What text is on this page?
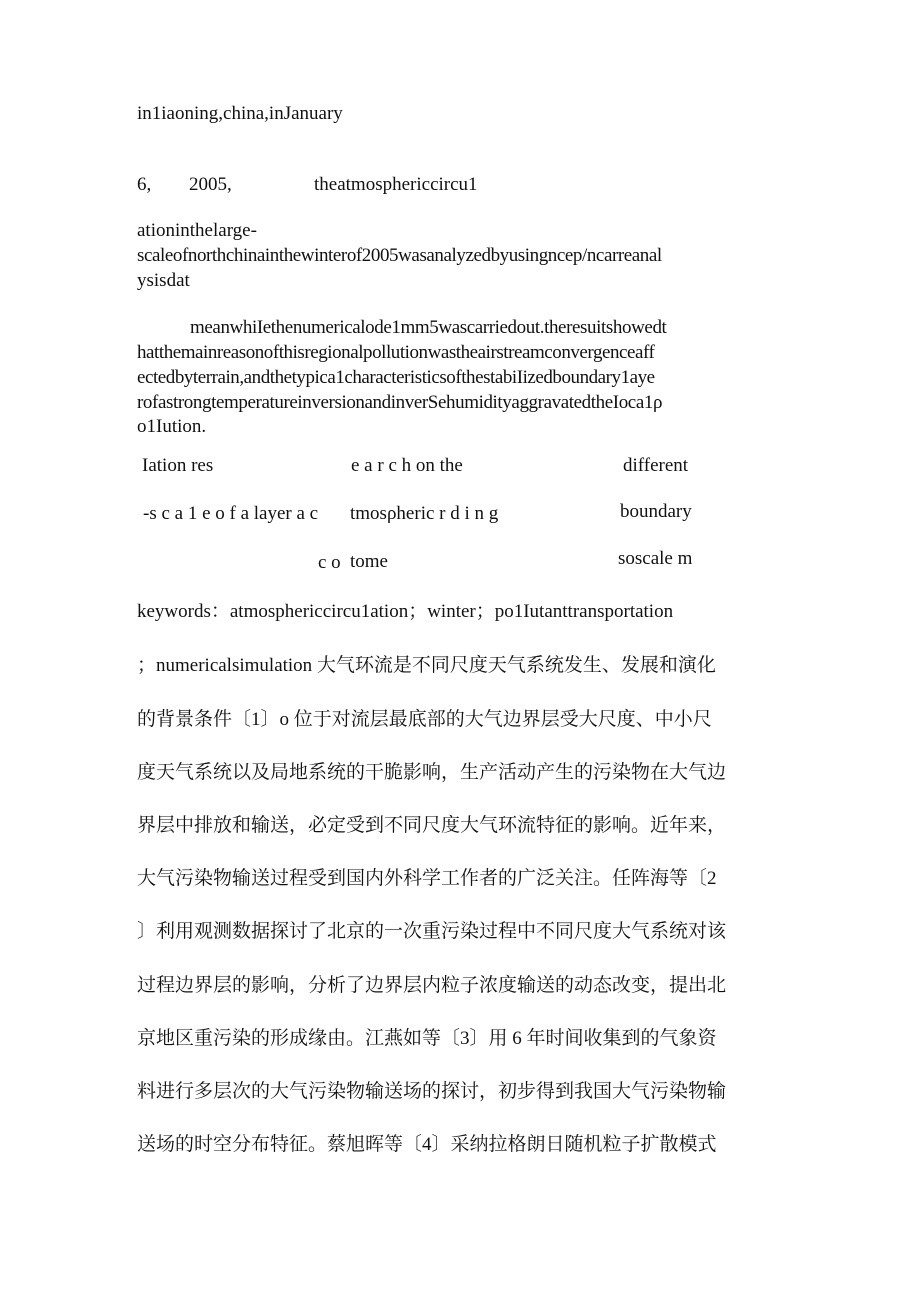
in1iaoning,china,inJanuary
6, 2005,	theatmosphericcircu1
ationinthelarge-
scaleofnorthchinainthewinterof2005wasanalyzedbyusingncep/ncarreanal
ysisdat
meanwhiIethenumericalode1mm5wascarriedout.theresuitshowedt
hatthemainreasonofthisregionalpollutionwastheairstreamconvergenceaff
ectedbyterrain,andthetypica1characteristicsofthestabiIizedboundary1aye
rofastrongtemperatureinversionandinverSehumidityaggravatedtheIoca1ρ
o1Iution.
Iation res	e a r c h on the	different
-s c a 1 e o f a layer a c tmosρheric r d i n g	boundary
c o tome	soscale m
keywords：atmosphericcircu1ation；winter；po1Iutanttransportation
；numericalsimulation 大气环流是不同尺度天气系统发生、发展和演化
的背景条件〔1〕o 位于对流层最底部的大气边界层受大尺度、中小尺
度天气系统以及局地系统的干脆影响，生产活动产生的污染物在大气边
界层中排放和输送，必定受到不同尺度大气环流特征的影响。近年来，
大气污染物输送过程受到国内外科学工作者的广泛关注。任阵海等〔2
〕利用观测数据探讨了北京的一次重污染过程中不同尺度大气系统对该
过程边界层的影响，分析了边界层内粒子浓度输送的动态改变，提出北
京地区重污染的形成缘由。江燕如等〔3〕用 6 年时间收集到的气象资
料进行多层次的大气污染物输送场的探讨，初步得到我国大气污染物输
送场的时空分布特征。蔡旭晖等〔4〕采纳拉格朗日随机粒子扩散模式
